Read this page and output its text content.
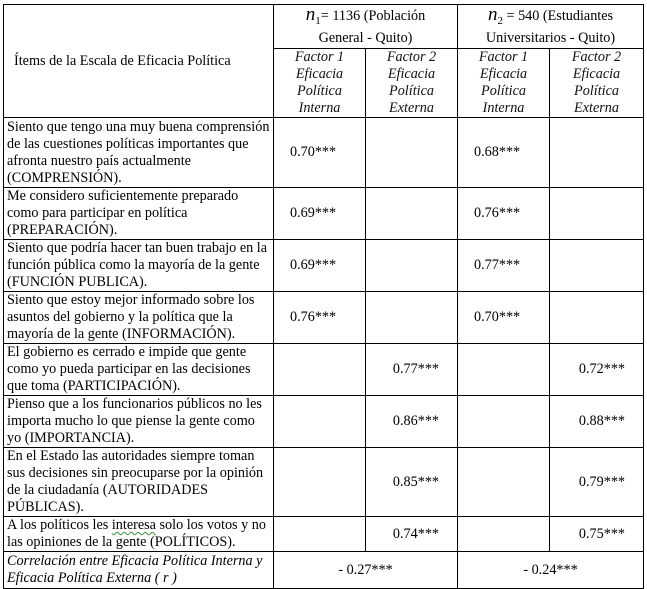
Ítems de la Escala de Eficacia Política	$n_1= 1136$ (Población
General - Quito)		$n_2 = 540$ (Estudiantes
Universitarios - Quito)	
	Factor 1
Eficacia
Política
Interna	Factor 2
Eficacia
Política
Externa	Factor 1
Eficacia
Política
Interna	Factor 2
Eficacia
Política
Externa
Siento que tengo una muy buena comprensión de las cuestiones políticas importantes que afronta nuestro país actualmente (COMPRENSIÓN).	0.70***		0.68***	
Me considero suficientemente preparado como para participar en política (PREPARACIÓN).	0.69***		0.76***	
Siento que podría hacer tan buen trabajo en la función pública como la mayoría de la gente (FUNCIÓN PUBLICA).	0.69***		0.77***	
Siento que estoy mejor informado sobre los asuntos del gobierno y la política que la mayoría de la gente (INFORMACIÓN).	0.76***		0.70***	
El gobierno es cerrado e impide que gente como yo pueda participar en las decisiones que toma (PARTICIPACIÓN).		0.77***		0.72***
Pienso que a los funcionarios públicos no les importa mucho lo que piense la gente como yo (IMPORTANCIA).		0.86***		0.88***
En el Estado las autoridades siempre toman sus decisiones sin preocuparse por la opinión de la ciudadanía (AUTORIDADES PÚBLICAS).		0.85***		0.79***
A los políticos les interesa solo los votos y no las opiniones de la gente (POLÍTICOS).		0.74***		0.75***
Correlación entre Eficacia Política Interna y Eficacia Política Externa ( r )	- 0.27***		- 0.24***	
